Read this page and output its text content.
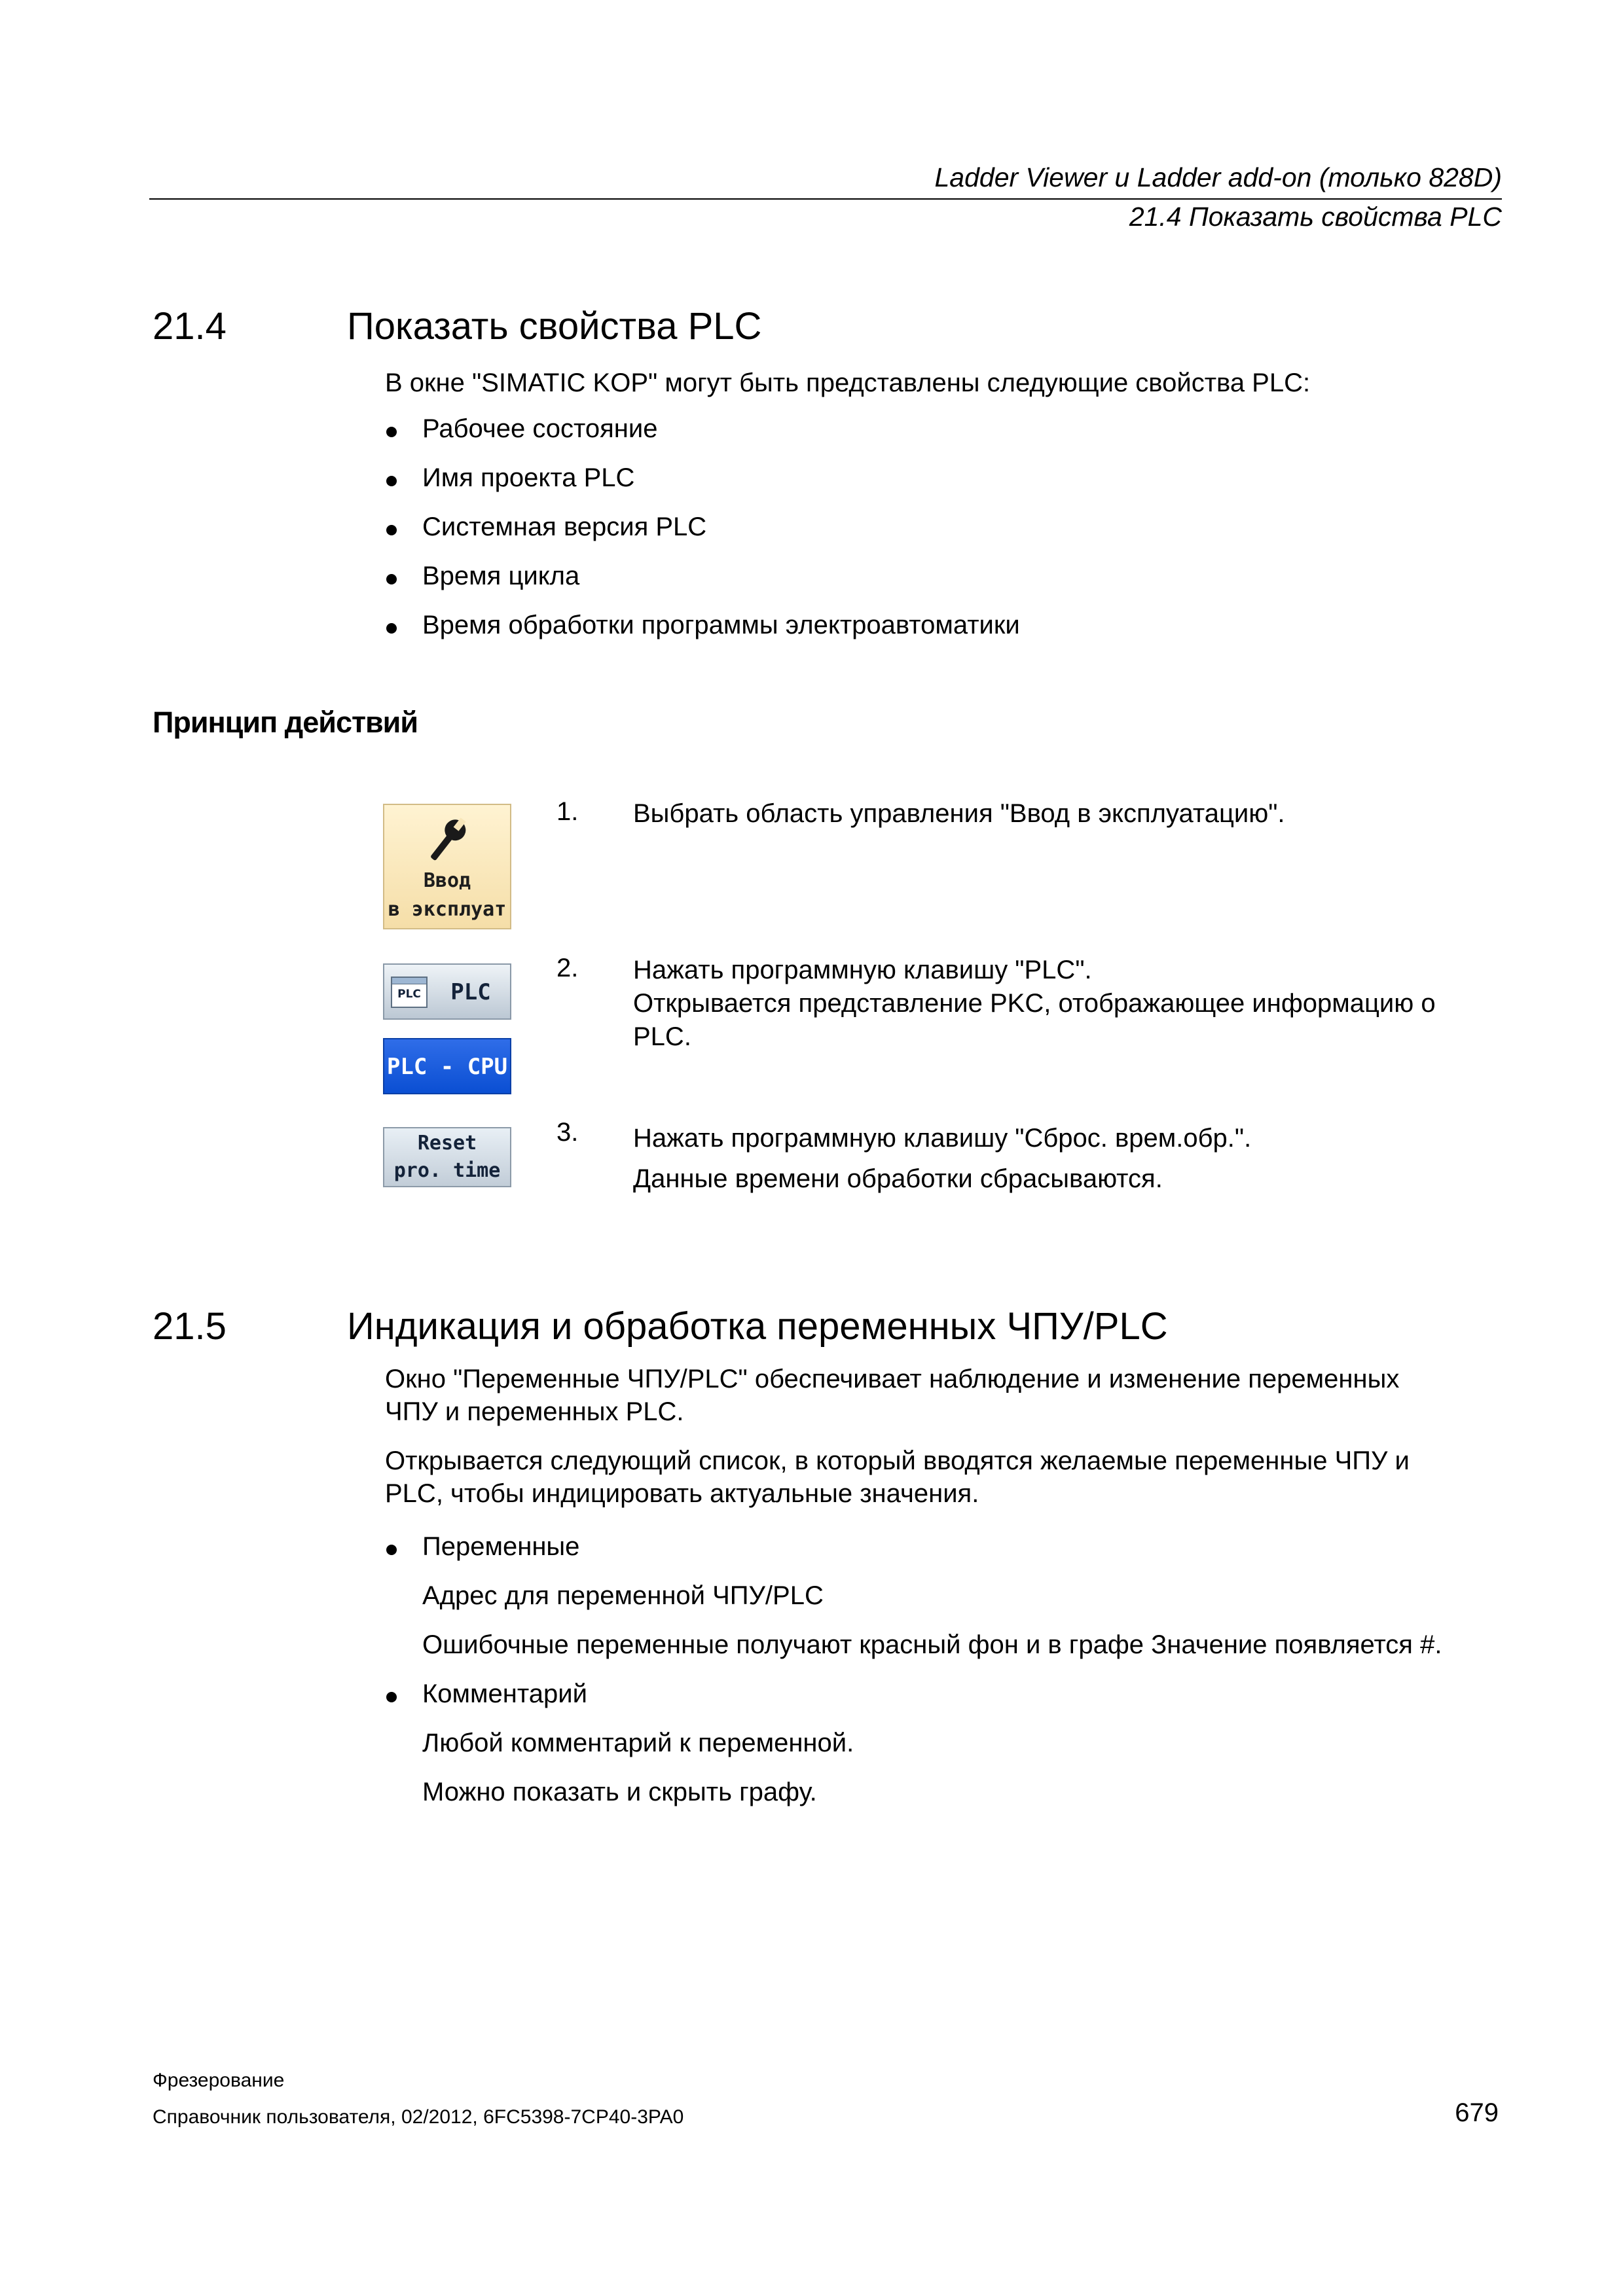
Ladder Viewer и Ladder add-on (только 828D)
21.4 Показать свойства PLC
21.4	Показать свойства PLC
В окне "SIMATIC KOP" могут быть представлены следующие свойства PLC:
Рабочее состояние
Имя проекта PLC
Системная версия PLC
Время цикла
Время обработки программы электроавтоматики
Принцип действий
Ввод
в эксплуат
PLC	PLC
PLC - CPU
Reset
pro. time
1. Выбрать область управления "Ввод в эксплуатацию".
2. Нажать программную клавишу "PLC".
Открывается представление PKC, отображающее информацию о
PLC.
3. Нажать программную клавишу "Сброс. врем.обр.".
Данные времени обработки сбрасываются.
21.5	Индикация и обработка переменных ЧПУ/PLC
Окно "Переменные ЧПУ/PLC" обеспечивает наблюдение и изменение переменных
ЧПУ и переменных PLC.
Открывается следующий список, в который вводятся желаемые переменные ЧПУ и
PLC, чтобы индицировать актуальные значения.
Переменные
Адрес для переменной ЧПУ/PLC
Ошибочные переменные получают красный фон и в графе Значение появляется #.
Комментарий
Любой комментарий к переменной.
Можно показать и скрыть графу.
Фрезерование
Справочник пользователя, 02/2012, 6FC5398-7CP40-3PA0	679
